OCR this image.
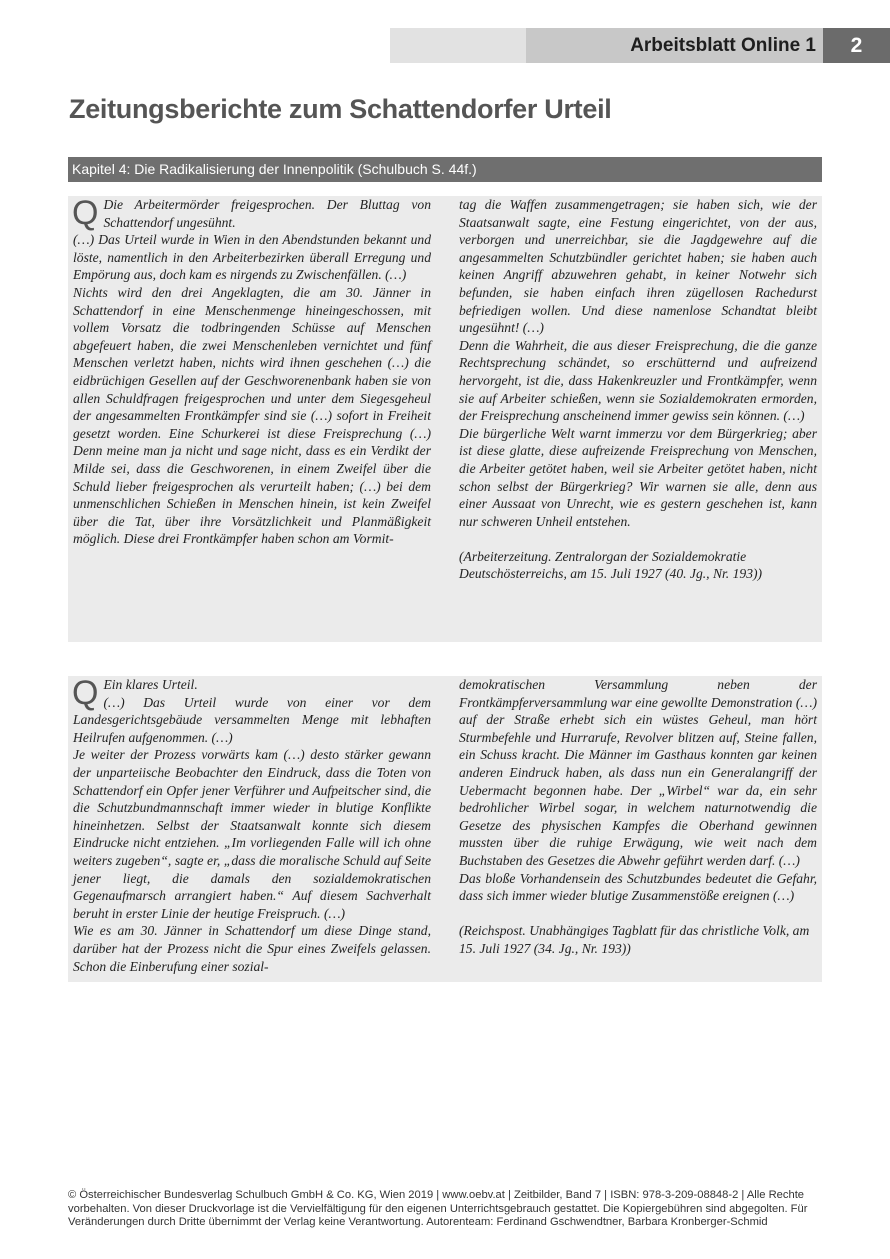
Arbeitsblatt Online 1	2
Zeitungsberichte zum Schattendorfer Urteil
Kapitel 4: Die Radikalisierung der Innenpolitik (Schulbuch S. 44f.)
Q Die Arbeitermörder freigesprochen. Der Bluttag von Schattendorf ungesühnt.

(…) Das Urteil wurde in Wien in den Abendstunden bekannt und löste, namentlich in den Arbeiterbezirken überall Erregung und Empörung aus, doch kam es nirgends zu Zwischenfällen. (…)

Nichts wird den drei Angeklagten, die am 30. Jänner in Schattendorf in eine Menschenmenge hineingeschossen, mit vollem Vorsatz die todbringenden Schüsse auf Menschen abgefeuert haben, die zwei Menschenleben vernichtet und fünf Menschen verletzt haben, nichts wird ihnen geschehen (…) die eidbrüchigen Gesellen auf der Geschworenenbank haben sie von allen Schuldfragen freigesprochen und unter dem Siegesgeheul der angesammelten Frontkämpfer sind sie (…) sofort in Freiheit gesetzt worden. Eine Schurkerei ist diese Freisprechung (…) Denn meine man ja nicht und sage nicht, dass es ein Verdikt der Milde sei, dass die Geschworenen, in einem Zweifel über die Schuld lieber freigesprochen als verurteilt haben; (…) bei dem unmenschlichen Schießen in Menschen hinein, ist kein Zweifel über die Tat, über ihre Vorsätzlichkeit und Planmäßigkeit möglich. Diese drei Frontkämpfer haben schon am Vormit-

tag die Waffen zusammengetragen; sie haben sich, wie der Staatsanwalt sagte, eine Festung eingerichtet, von der aus, verborgen und unerreichbar, sie die Jagdgewehre auf die angesammelten Schutzbündler gerichtet haben; sie haben auch keinen Angriff abzuwehren gehabt, in keiner Notwehr sich befunden, sie haben einfach ihren zügellosen Rachedurst befriedigen wollen. Und diese namenlose Schandtat bleibt ungesühnt! (…)

Denn die Wahrheit, die aus dieser Freisprechung, die die ganze Rechtsprechung schändet, so erschütternd und aufreizend hervorgeht, ist die, dass Hakenkreuzler und Frontkämpfer, wenn sie auf Arbeiter schießen, wenn sie Sozialdemokraten ermorden, der Freisprechung anscheinend immer gewiss sein können. (…)

Die bürgerliche Welt warnt immerzu vor dem Bürgerkrieg; aber ist diese glatte, diese aufreizende Freisprechung von Menschen, die Arbeiter getötet haben, weil sie Arbeiter getötet haben, nicht schon selbst der Bürgerkrieg? Wir warnen sie alle, denn aus einer Aussaat von Unrecht, wie es gestern geschehen ist, kann nur schweren Unheil entstehen.

(Arbeiterzeitung. Zentralorgan der Sozialdemokratie Deutschösterreichs, am 15. Juli 1927 (40. Jg., Nr. 193))

Q Ein klares Urteil.

(…) Das Urteil wurde von einer vor dem Landesgerichtsgebäude versammelten Menge mit lebhaften Heilrufen aufgenommen. (…)

Je weiter der Prozess vorwärts kam (…) desto stärker gewann der unparteiische Beobachter den Eindruck, dass die Toten von Schattendorf ein Opfer jener Verführer und Aufpeitscher sind, die die Schutzbundmannschaft immer wieder in blutige Konflikte hineinhetzen. Selbst der Staatsanwalt konnte sich diesem Eindrucke nicht entziehen. „Im vorliegenden Falle will ich ohne weiters zugeben“, sagte er, „dass die moralische Schuld auf Seite jener liegt, die damals den sozialdemokratischen Gegenaufmarsch arrangiert haben.“ Auf diesem Sachverhalt beruht in erster Linie der heutige Freispruch. (…)

Wie es am 30. Jänner in Schattendorf um diese Dinge stand, darüber hat der Prozess nicht die Spur eines Zweifels gelassen. Schon die Einberufung einer sozial-

demokratischen Versammlung neben der Frontkämpferversammlung war eine gewollte Demonstration (…) auf der Straße erhebt sich ein wüstes Geheul, man hört Sturmbefehle und Hurrarufe, Revolver blitzen auf, Steine fallen, ein Schuss kracht. Die Männer im Gasthaus konnten gar keinen anderen Eindruck haben, als dass nun ein Generalangriff der Uebermacht begonnen habe. Der „Wirbel“ war da, ein sehr bedrohlicher Wirbel sogar, in welchem naturnotwendig die Gesetze des physischen Kampfes die Oberhand gewinnen mussten über die ruhige Erwägung, wie weit nach dem Buchstaben des Gesetzes die Abwehr geführt werden darf. (…)

Das bloße Vorhandensein des Schutzbundes bedeutet die Gefahr, dass sich immer wieder blutige Zusammenstöße ereignen (…)

(Reichspost. Unabhängiges Tagblatt für das christliche Volk, am 15. Juli 1927 (34. Jg., Nr. 193))

© Österreichischer Bundesverlag Schulbuch GmbH & Co. KG, Wien 2019 | www.oebv.at | Zeitbilder, Band 7 | ISBN: 978-3-209-08848-2 | Alle Rechte vorbehalten. Von dieser Druckvorlage ist die Vervielfältigung für den eigenen Unterrichtsgebrauch gestattet. Die Kopiergebühren sind abgegolten. Für Veränderungen durch Dritte übernimmt der Verlag keine Verantwortung. Autorenteam: Ferdinand Gschwendtner, Barbara Kronberger-Schmid
